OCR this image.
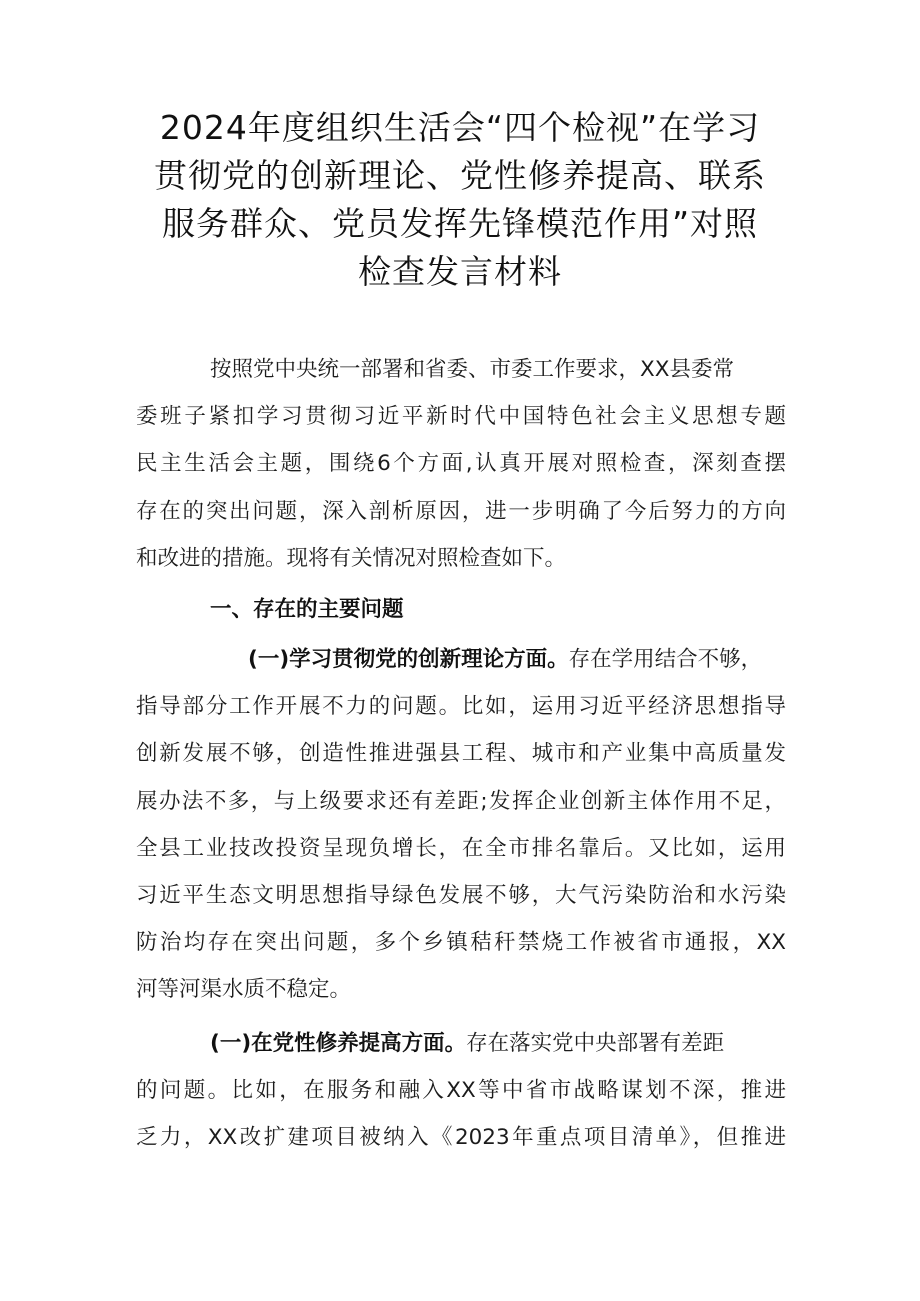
2024年度组织生活会“四个检视”在学习
贯彻党的创新理论、党性修养提高、联系
服务群众、党员发挥先锋模范作用”对照
检查发言材料
按照党中央统一部署和省委、市委工作要求，XX县委常
委班子紧扣学习贯彻习近平新时代中国特色社会主义思想专题
民主生活会主题，围绕6个方面,认真开展对照检查，深刻查摆
存在的突出问题，深入剖析原因，进一步明确了今后努力的方向
和改进的措施。现将有关情况对照检查如下。
一、存在的主要问题
(一)学习贯彻党的创新理论方面。存在学用结合不够，
指导部分工作开展不力的问题。比如，运用习近平经济思想指导
创新发展不够，创造性推进强县工程、城市和产业集中高质量发
展办法不多，与上级要求还有差距;发挥企业创新主体作用不足，
全县工业技改投资呈现负增长，在全市排名靠后。又比如，运用
习近平生态文明思想指导绿色发展不够，大气污染防治和水污染
防治均存在突出问题，多个乡镇秸秆禁烧工作被省市通报，XX
河等河渠水质不稳定。
(一)在党性修养提高方面。存在落实党中央部署有差距
的问题。比如，在服务和融入XX等中省市战略谋划不深，推进
乏力，XX改扩建项目被纳入《2023年重点项目清单》，但推进
